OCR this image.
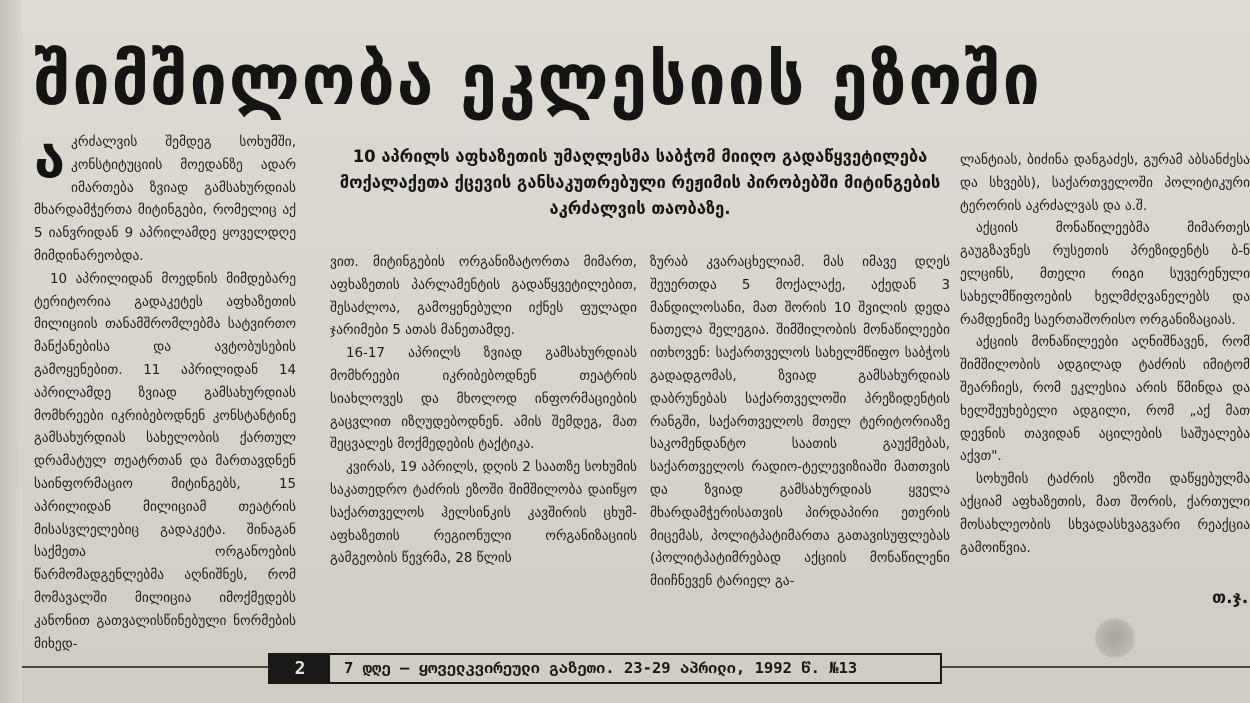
შიმშილობა ეკლესიის ეზოში
ა კრძალვის შემდეგ სოხუმში, კონსტიტუციის მოედანზე ადარ იმართება ზვიად გამსახურდიას მხარდამჭერთა მიტინგები, რომელიც აქ 5 იანვრიდან 9 აპრილამდე ყოველდღე მიმდინარეობდა.

10 აპრილიდან მოედნის მიმდებარე ტერიტორია გადაკეტეს აფხაზეთის მილიციის თანამშრომლებმა სატვირთო მანქანებისა და ავტობუსების გამოყენებით. 11 აპრილიდან 14 აპრილამდე ზვიად გამსახურდიას მომხრეები იკრიბებოდნენ კონსტანტინე გამსახურდიას სახელობის ქართულ დრამატულ თეატრთან და მართავდნენ საინფორმაციო მიტინგებს, 15 აპრილიდან მილიციამ თეატრის მისასვლელებიც გადაკეტა. შინაგან საქმეთა ორგანოების წარმომადგენლებმა აღნიშნეს, რომ მომავალში მილიცია იმოქმედებს კანონით გათვალისწინებული ნორმების მიხედ-

10 აპრილს აფხაზეთის უმაღლესმა საბჭომ მიიღო გადაწყვეტილება მოქალაქეთა ქცევის განსაკუთრებული რეჟიმის პირობებში მიტინგების აკრძალვის თაობაზე.

ვით. მიტინგების ორგანიზატორთა მიმართ, აფხაზეთის პარლამენტის გადაწყვეტილებით, შესაძლოა, გამოყენებული იქნეს ფულადი ჯარიმები 5 ათას მანეთამდე.

16-17 აპრილს ზვიად გამსახურდიას მომხრეები იკრიბებოდნენ თეატრის სიახლოვეს და მხოლოდ ინფორმაციების გაცვლით იზღუდებოდნენ. ამის შემდეგ, მათ შეცვალეს მოქმედების ტაქტიკა.

კვირას, 19 აპრილს, დღის 2 საათზე სოხუმის საკათედრო ტაძრის ეზოში შიმშილობა დაიწყო საქართველოს ჰელსინკის კავშირის ცხუმ-აფხაზეთის რეგიონული ორგანიზაციის გამგეობის წევრმა, 28 წლის

ზურაბ კვარაცხელიამ. მას იმავე დღეს შეუერთდა 5 მოქალაქე, აქედან 3 მანდილოსანი, მათ შორის 10 შვილის დედა ნათელა შელეგია. შიმშილობის მონაწილეები ითხოვენ: საქართველოს სახელმწიფო საბჭოს გადადგომას, ზვიად გამსახურდიას დაბრუნებას საქართველოში პრეზიდენტის რანგში, საქართველოს მთელ ტერიტორიაზე საკომენდანტო საათის გაუქმებას, საქართველოს რადიო-ტელევიზიაში მათთვის და ზვიად გამსახურდიას ყველა მხარდამჭერისათვის პირდაპირი ეთერის მიცემას, პოლიტპატიმართა გათავისუფლებას (პოლიტპატიმრებად აქციის მონაწილენი მიიჩნევენ ტარიელ გა-

ლანტიას, ბიძინა დანგაძეს, გურამ აბსანძესა და სხვებს), საქართველოში პოლიტიკური ტერორის აკრძალვას და ა.შ.

აქციის მონაწილეებმა მიმართეს გაუგზავნეს რუსეთის პრეზიდენტს ბ-ნ ელცინს, მთელი რიგი სუვერენული სახელმწიფოების ხელმძღვანელებს და რამდენიმე საერთაშორისო ორგანიზაციას.

აქციის მონაწილეები აღნიშნავენ, რომ შიმშილობის ადგილად ტაძრის იმიტომ შეარჩიეს, რომ ეკლესია არის წმინდა და ხელშეუხებელი ადგილი, რომ „აქ მათ დევნის თავიდან აცილების საშუალება აქვთ".

სოხუმის ტაძრის ეზოში დაწყებულმა აქციამ აფხაზეთის, მათ შორის, ქართული მოსახლეობის სხვადასხვაგვარი რეაქცია გამოიწვია.

თ.ჯ.
2	7 დღე — ყოველკვირეული გაზეთი. 23-29 აპრილი, 1992 წ. №13
